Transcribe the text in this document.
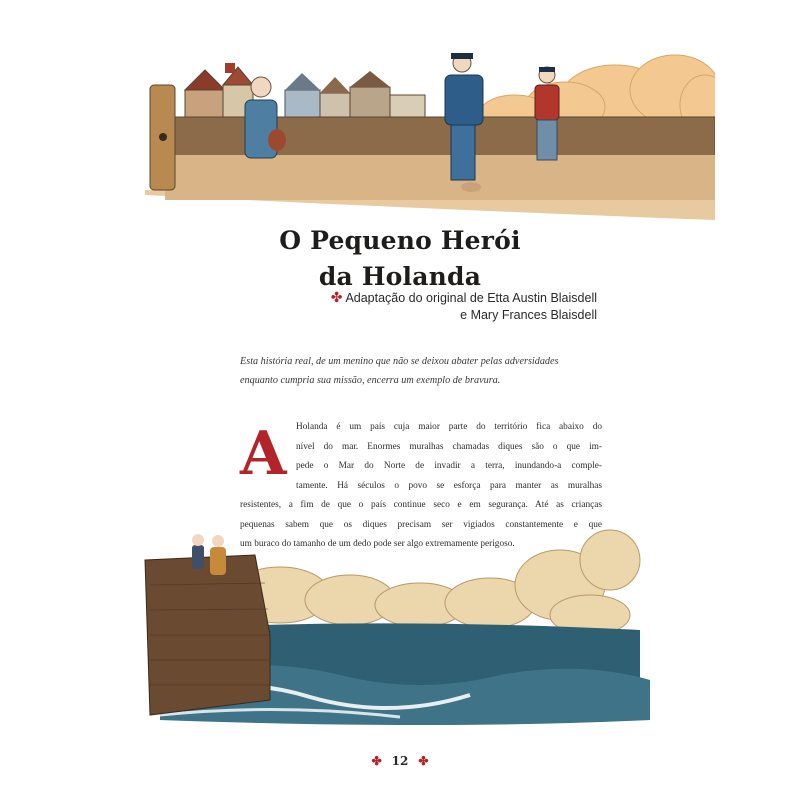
O Pequeno Herói
da Holanda
✤ Adaptação do original de Etta Austin Blaisdell
e Mary Frances Blaisdell
Esta história real, de um menino que não se deixou abater pelas adversidades
enquanto cumpria sua missão, encerra um exemplo de bravura.
A Holanda é um país cuja maior parte do território fica abaixo do
nível do mar. Enormes muralhas chamadas diques são o que im-
pede o Mar do Norte de invadir a terra, inundando-a comple-
tamente. Há séculos o povo se esforça para manter as muralhas
resistentes, a fim de que o país continue seco e em segurança. Até as crianças
pequenas sabem que os diques precisam ser vigiados constantemente e que
um buraco do tamanho de um dedo pode ser algo extremamente perigoso.
✤ 12 ✤
